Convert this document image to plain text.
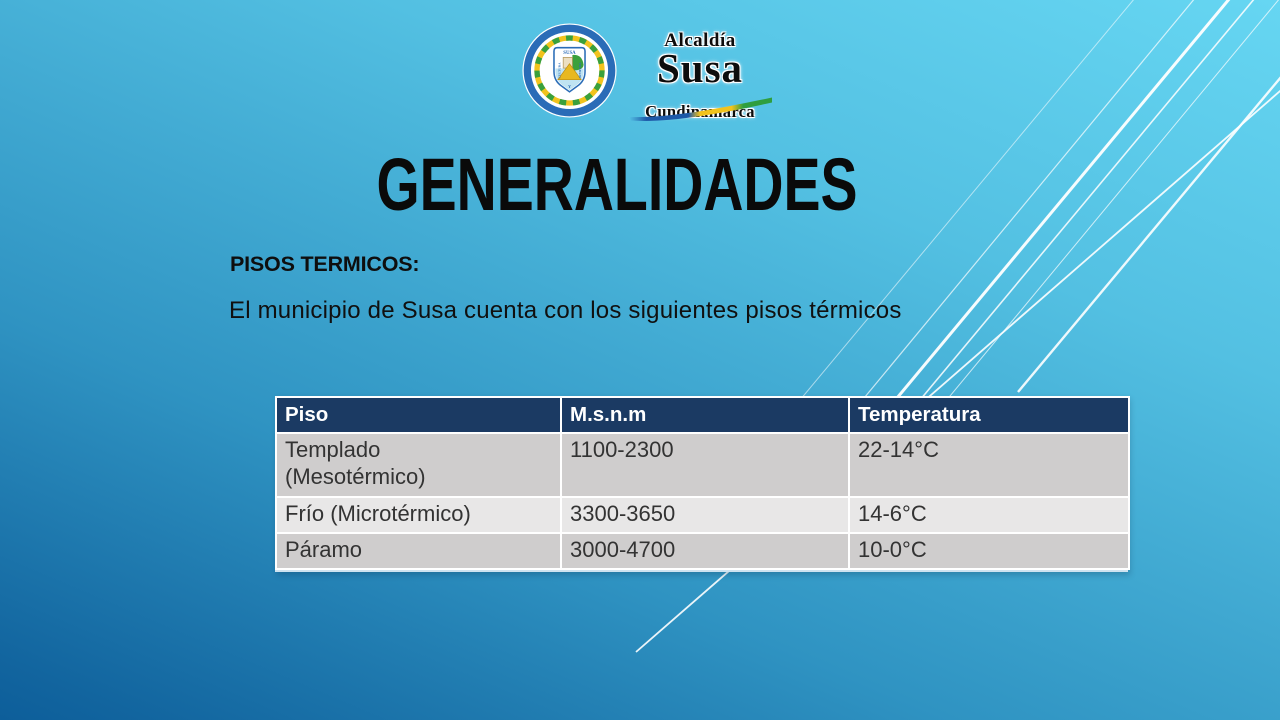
SUSA
CULTURA	TRABAJO
Y
Alcaldía
Susa
Cundinamarca
GENERALIDADES
PISOS TERMICOS:

El municipio de Susa cuenta con los siguientes pisos térmicos

Piso	M.s.n.m	Temperatura
Templado (Mesotérmico)	1100-2300	22-14°C
Frío (Microtérmico)	3300-3650	14-6°C
Páramo	3000-4700	10-0°C
